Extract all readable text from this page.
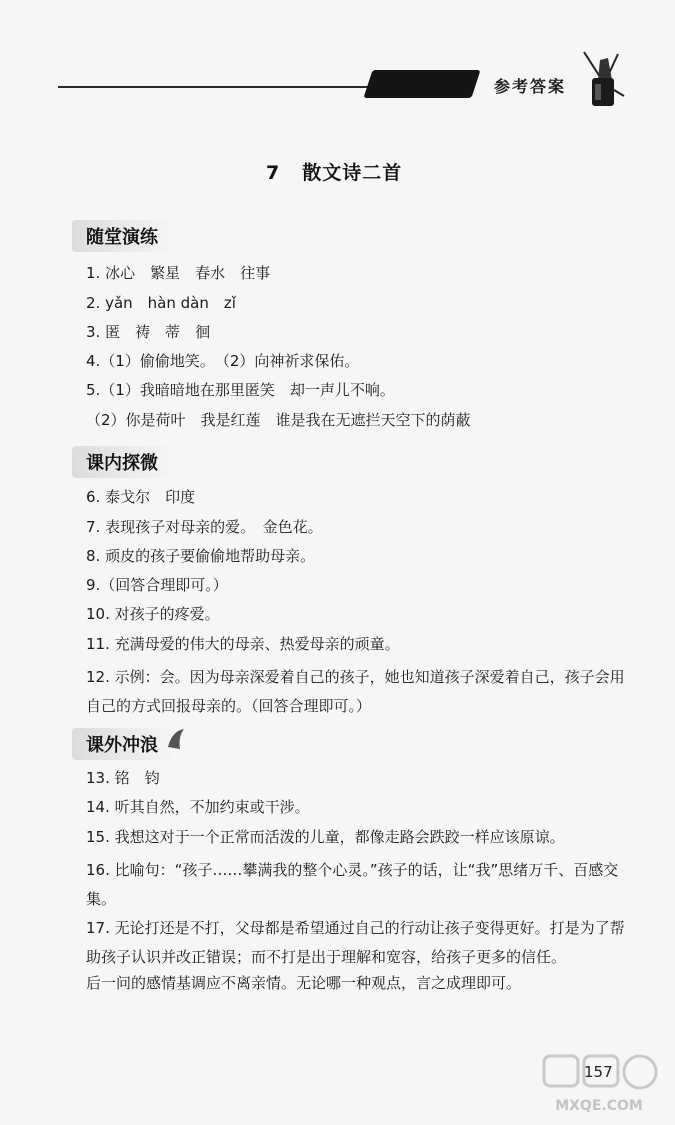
参考答案
7 散文诗二首
随堂演练
1. 冰心　繁星　春水　往事
2. yǎn　hàn dàn　zǐ
3. 匿　祷　蒂　徊
4.（1）偷偷地笑。　（2）向神祈求保佑。
5.（1）我暗暗地在那里匿笑　却一声儿不响。
（2）你是荷叶　我是红莲　谁是我在无遮拦天空下的荫蔽
课内探微
6. 泰戈尔　印度
7. 表现孩子对母亲的爱。　金色花。
8. 顽皮的孩子要偷偷地帮助母亲。
9.（回答合理即可。）
10. 对孩子的疼爱。
11. 充满母爱的伟大的母亲、热爱母亲的顽童。
12. 示例：会。因为母亲深爱着自己的孩子，她也知道孩子深爱着自己，孩子会用自己的方式回报母亲的。（回答合理即可。）
课外冲浪
13. 铭　钧
14. 听其自然，不加约束或干涉。
15. 我想这对于一个正常而活泼的儿童，都像走路会跌跤一样应该原谅。
16. 比喻句：“孩子……攀满我的整个心灵。”孩子的话，让“我”思绪万千、百感交集。
17. 无论打还是不打，父母都是希望通过自己的行动让孩子变得更好。打是为了帮助孩子认识并改正错误；而不打是出于理解和宽容，给孩子更多的信任。
后一问的感情基调应不离亲情。无论哪一种观点，言之成理即可。
157
MXQE.COM
